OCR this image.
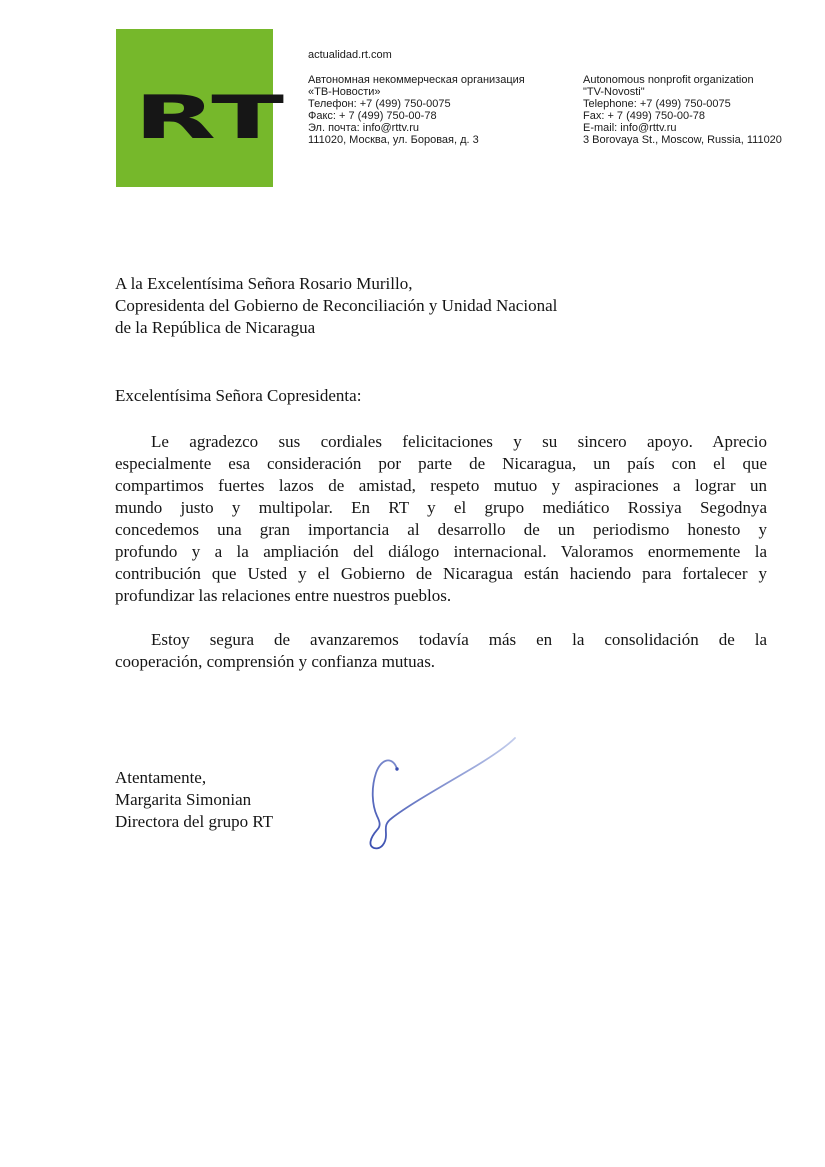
RT
actualidad.rt.com
Автономная некоммерческая организация
«ТВ-Новости»
Телефон: +7 (499) 750-0075
Факс: + 7 (499) 750-00-78
Эл. почта: info@rttv.ru
111020, Москва, ул. Боровая, д. 3
Autonomous nonprofit organization
"TV-Novosti"
Telephone: +7 (499) 750-0075
Fax: + 7 (499) 750-00-78
E-mail: info@rttv.ru
3 Borovaya St., Moscow, Russia, 111020
A la Excelentísima Señora Rosario Murillo,
Copresidenta del Gobierno de Reconciliación y Unidad Nacional
de la República de Nicaragua
Excelentísima Señora Copresidenta:
Le agradezco sus cordiales felicitaciones y su sincero apoyo. Aprecio
especialmente esa consideración por parte de Nicaragua, un país con el que
compartimos fuertes lazos de amistad, respeto mutuo y aspiraciones a lograr un
mundo justo y multipolar. En RT y el grupo mediático Rossiya Segodnya
concedemos una gran importancia al desarrollo de un periodismo honesto y
profundo y a la ampliación del diálogo internacional. Valoramos enormemente la
contribución que Usted y el Gobierno de Nicaragua están haciendo para fortalecer y
profundizar las relaciones entre nuestros pueblos.
Estoy segura de avanzaremos todavía más en la consolidación de la
cooperación, comprensión y confianza mutuas.
Atentamente,
Margarita Simonian
Directora del grupo RT
